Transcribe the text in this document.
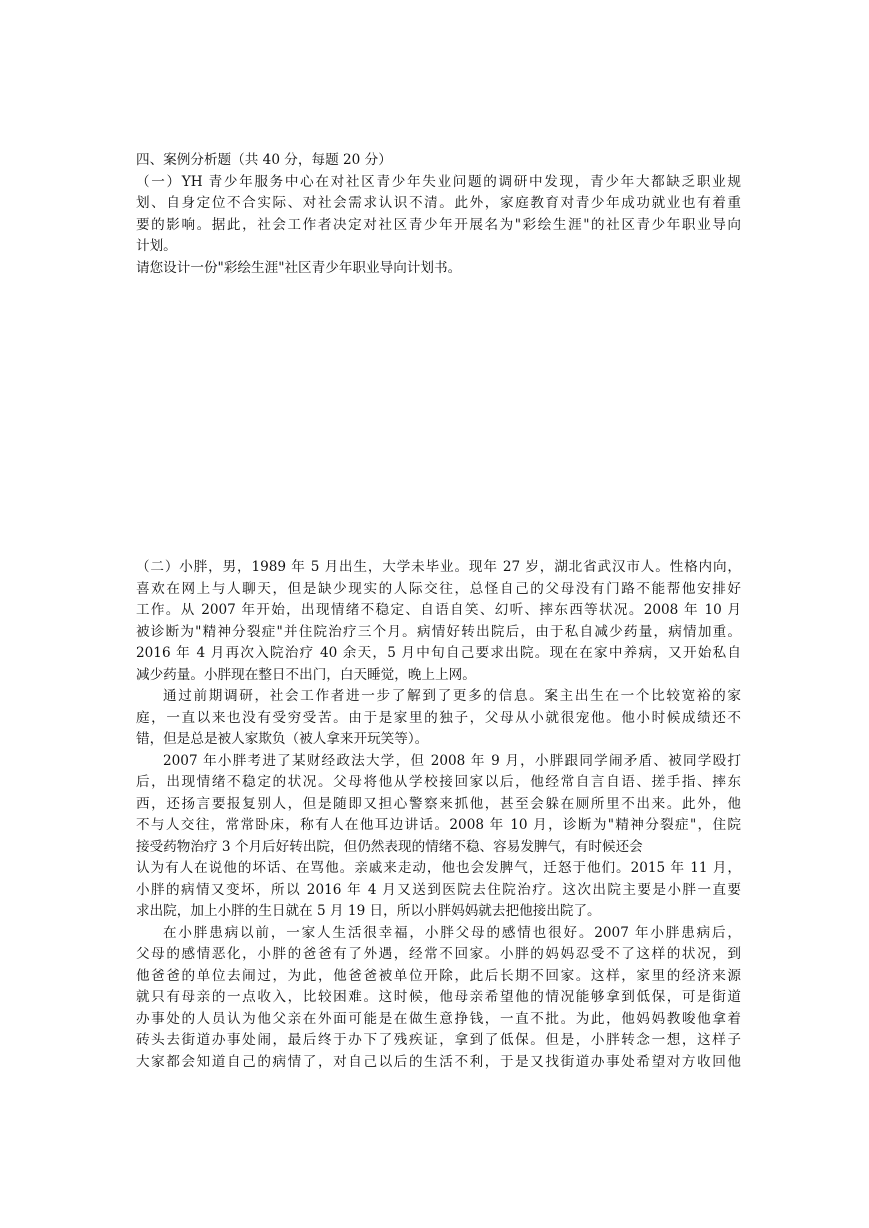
四、案例分析题（共 40 分，每题 20 分）
（一）YH 青少年服务中心在对社区青少年失业问题的调研中发现，青少年大都缺乏职业规
划、自身定位不合实际、对社会需求认识不清。此外，家庭教育对青少年成功就业也有着重
要的影响。据此，社会工作者决定对社区青少年开展名为"彩绘生涯"的社区青少年职业导向
计划。
请您设计一份"彩绘生涯"社区青少年职业导向计划书。
（二）小胖，男，1989 年 5 月出生，大学未毕业。现年 27 岁，湖北省武汉市人。性格内向，
喜欢在网上与人聊天，但是缺少现实的人际交往，总怪自己的父母没有门路不能帮他安排好
工作。从 2007 年开始，出现情绪不稳定、自语自笑、幻听、摔东西等状况。2008 年 10 月
被诊断为"精神分裂症"并住院治疗三个月。病情好转出院后，由于私自减少药量，病情加重。
2016 年 4 月再次入院治疗 40 余天，5 月中旬自己要求出院。现在在家中养病，又开始私自
减少药量。小胖现在整日不出门，白天睡觉，晚上上网。
通过前期调研，社会工作者进一步了解到了更多的信息。案主出生在一个比较宽裕的家
庭，一直以来也没有受穷受苦。由于是家里的独子，父母从小就很宠他。他小时候成绩还不
错，但是总是被人家欺负（被人拿来开玩笑等）。
2007 年小胖考进了某财经政法大学，但 2008 年 9 月，小胖跟同学闹矛盾、被同学殴打
后，出现情绪不稳定的状况。父母将他从学校接回家以后，他经常自言自语、搓手指、摔东
西，还扬言要报复别人，但是随即又担心警察来抓他，甚至会躲在厕所里不出来。此外，他
不与人交往，常常卧床，称有人在他耳边讲话。2008 年 10 月，诊断为"精神分裂症"，住院
接受药物治疗 3 个月后好转出院，但仍然表现的情绪不稳、容易发脾气，有时候还会
认为有人在说他的坏话、在骂他。亲戚来走动，他也会发脾气，迁怒于他们。2015 年 11 月，
小胖的病情又变坏，所以 2016 年 4 月又送到医院去住院治疗。这次出院主要是小胖一直要
求出院，加上小胖的生日就在 5 月 19 日，所以小胖妈妈就去把他接出院了。
在小胖患病以前，一家人生活很幸福，小胖父母的感情也很好。2007 年小胖患病后，
父母的感情恶化，小胖的爸爸有了外遇，经常不回家。小胖的妈妈忍受不了这样的状况，到
他爸爸的单位去闹过，为此，他爸爸被单位开除，此后长期不回家。这样，家里的经济来源
就只有母亲的一点收入，比较困难。这时候，他母亲希望他的情况能够拿到低保，可是街道
办事处的人员认为他父亲在外面可能是在做生意挣钱，一直不批。为此，他妈妈教唆他拿着
砖头去街道办事处闹，最后终于办下了残疾证，拿到了低保。但是，小胖转念一想，这样子
大家都会知道自己的病情了，对自己以后的生活不利，于是又找街道办事处希望对方收回他
